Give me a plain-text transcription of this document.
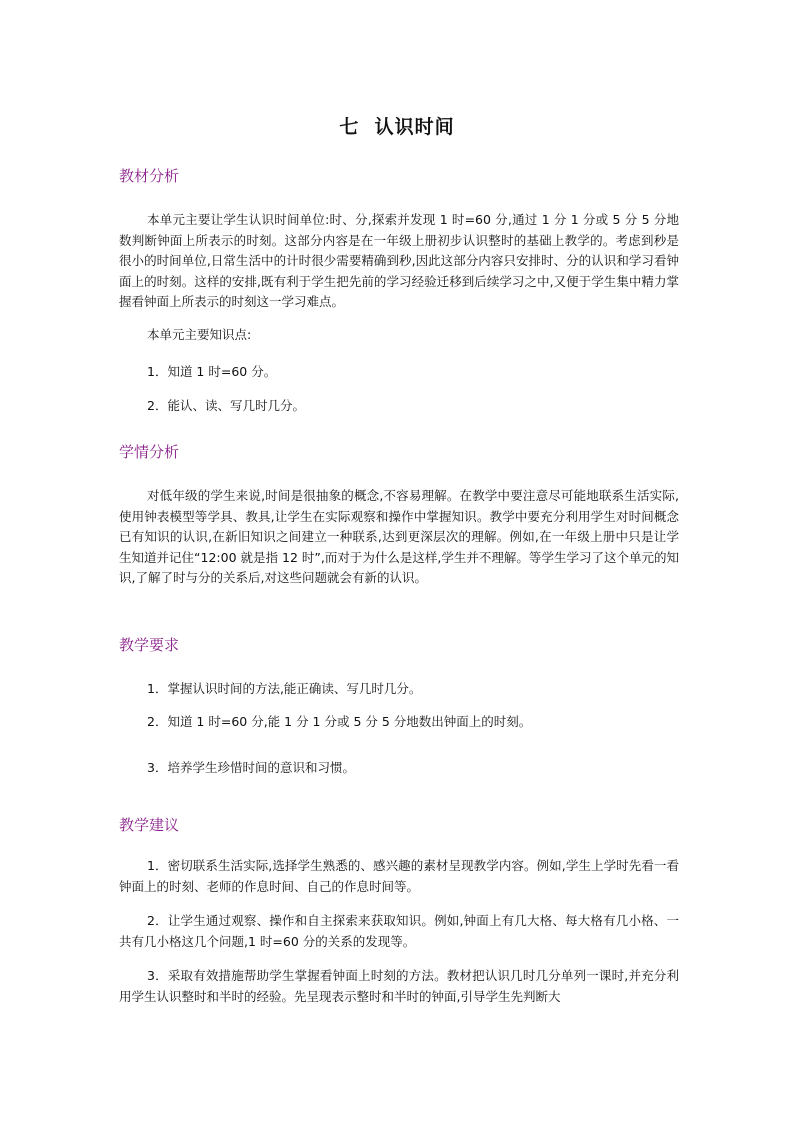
七  认识时间
教材分析
本单元主要让学生认识时间单位:时、分,探索并发现 1 时=60 分,通过 1 分 1 分或 5 分 5 分地数判断钟面上所表示的时刻。这部分内容是在一年级上册初步认识整时的基础上教学的。考虑到秒是很小的时间单位,日常生活中的计时很少需要精确到秒,因此这部分内容只安排时、分的认识和学习看钟面上的时刻。这样的安排,既有利于学生把先前的学习经验迁移到后续学习之中,又便于学生集中精力掌握看钟面上所表示的时刻这一学习难点。
本单元主要知识点:
1．知道 1 时=60 分。
2．能认、读、写几时几分。
学情分析
对低年级的学生来说,时间是很抽象的概念,不容易理解。在教学中要注意尽可能地联系生活实际,使用钟表模型等学具、教具,让学生在实际观察和操作中掌握知识。教学中要充分利用学生对时间概念已有知识的认识,在新旧知识之间建立一种联系,达到更深层次的理解。例如,在一年级上册中只是让学生知道并记住“12:00 就是指 12 时”,而对于为什么是这样,学生并不理解。等学生学习了这个单元的知识,了解了时与分的关系后,对这些问题就会有新的认识。
教学要求
1．掌握认识时间的方法,能正确读、写几时几分。
2．知道 1 时=60 分,能 1 分 1 分或 5 分 5 分地数出钟面上的时刻。
3．培养学生珍惜时间的意识和习惯。
教学建议
1．密切联系生活实际,选择学生熟悉的、感兴趣的素材呈现教学内容。例如,学生上学时先看一看钟面上的时刻、老师的作息时间、自己的作息时间等。
2．让学生通过观察、操作和自主探索来获取知识。例如,钟面上有几大格、每大格有几小格、一共有几小格这几个问题,1 时=60 分的关系的发现等。
3．采取有效措施帮助学生掌握看钟面上时刻的方法。教材把认识几时几分单列一课时,并充分利用学生认识整时和半时的经验。先呈现表示整时和半时的钟面,引导学生先判断大
